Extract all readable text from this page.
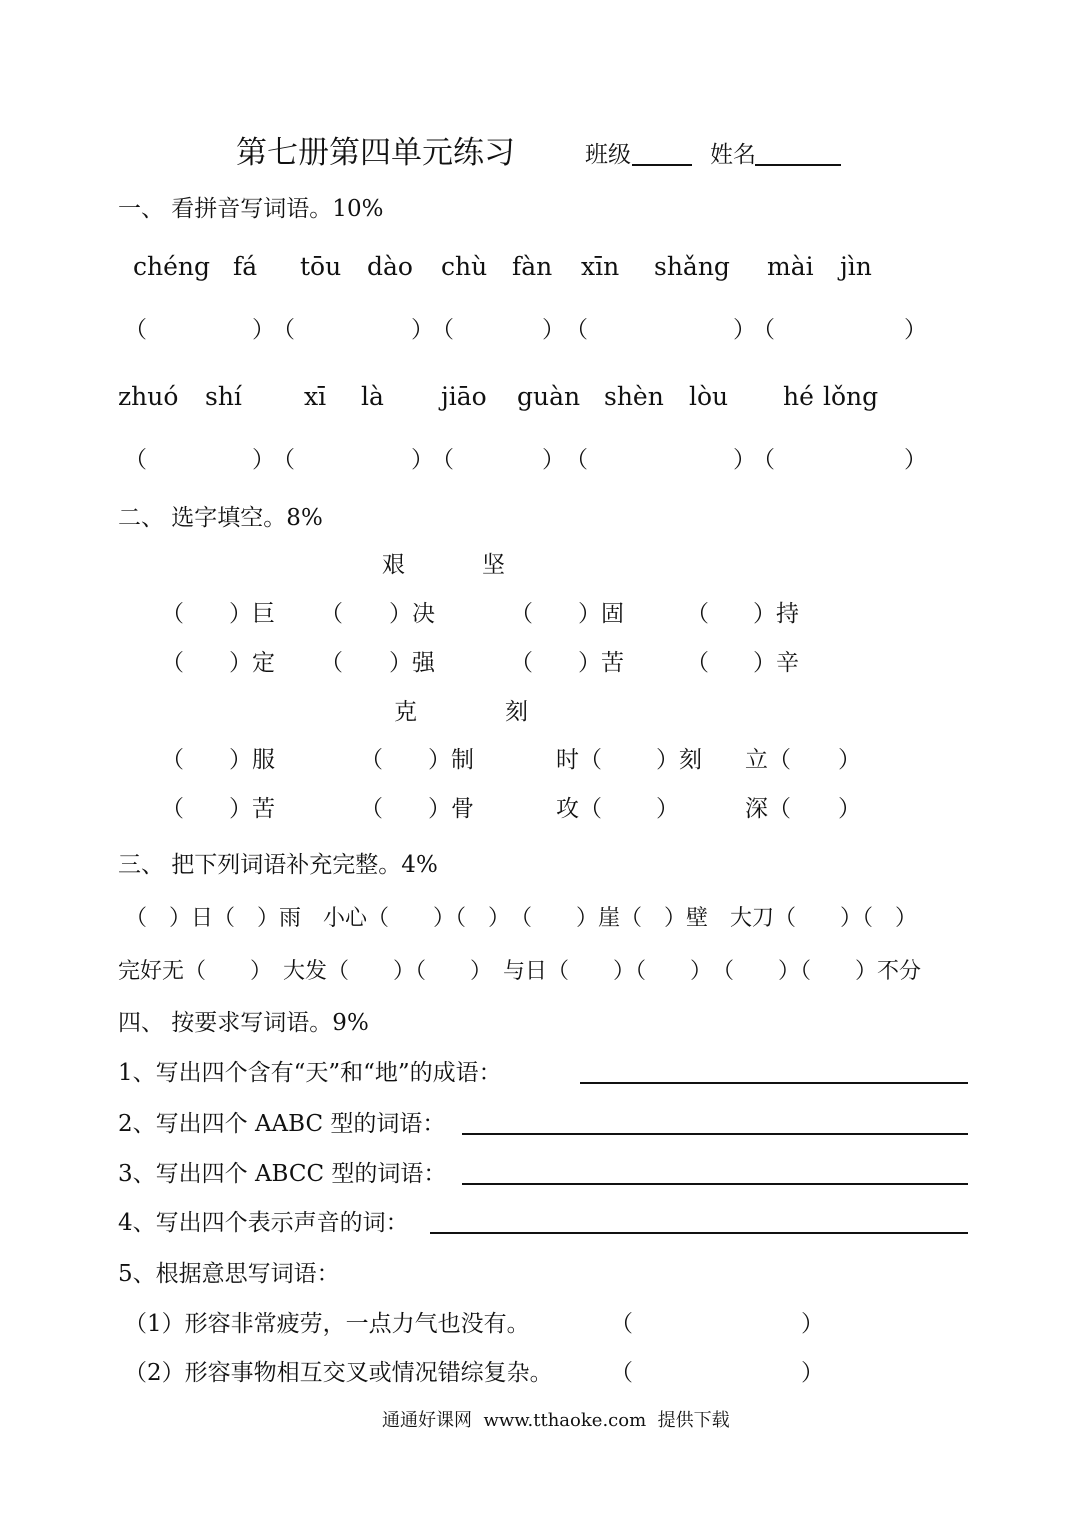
第七册第四单元练习	班级	姓名
一、 看拼音写词语。10%
chéng fá tōu dào chù fàn xīn shǎng mài jìn
（	）
（	）
（	） （	）
（	）
zhuó shí xī là jiāo guàn shèn lòu hé lǒng
（	）
（	）
（	） （	）
（	）
二、 选字填空。8%
艰	坚
（ ）巨 （ ）决	（ ）固	（ ）持
（ ）定 （ ）强	（ ）苦	（ ）辛
克	刻
（ ）服	（ ）制	时（ ）刻 立（ ）
（ ）苦	（ ）骨	攻（ ）	深（ ）
三、 把下列词语补充完整。4%
（　）日（　）雨　小心（　　）（　）　（　　）崖（　）壁　大刀（　　）（　）
完好无（　　）　大发（　　）（　　）　与日（　　）（　　）　（　　）（　　）不分
四、 按要求写词语。9%
1、写出四个含有“天”和“地”的成语：
2、写出四个 AABC 型的词语：
3、写出四个 ABCC 型的词语：
4、写出四个表示声音的词：
5、根据意思写词语：
（1）形容非常疲劳，一点力气也没有。	（	）
（2）形容事物相互交叉或情况错综复杂。 （	）
通通好课网  www.tthaoke.com  提供下载
